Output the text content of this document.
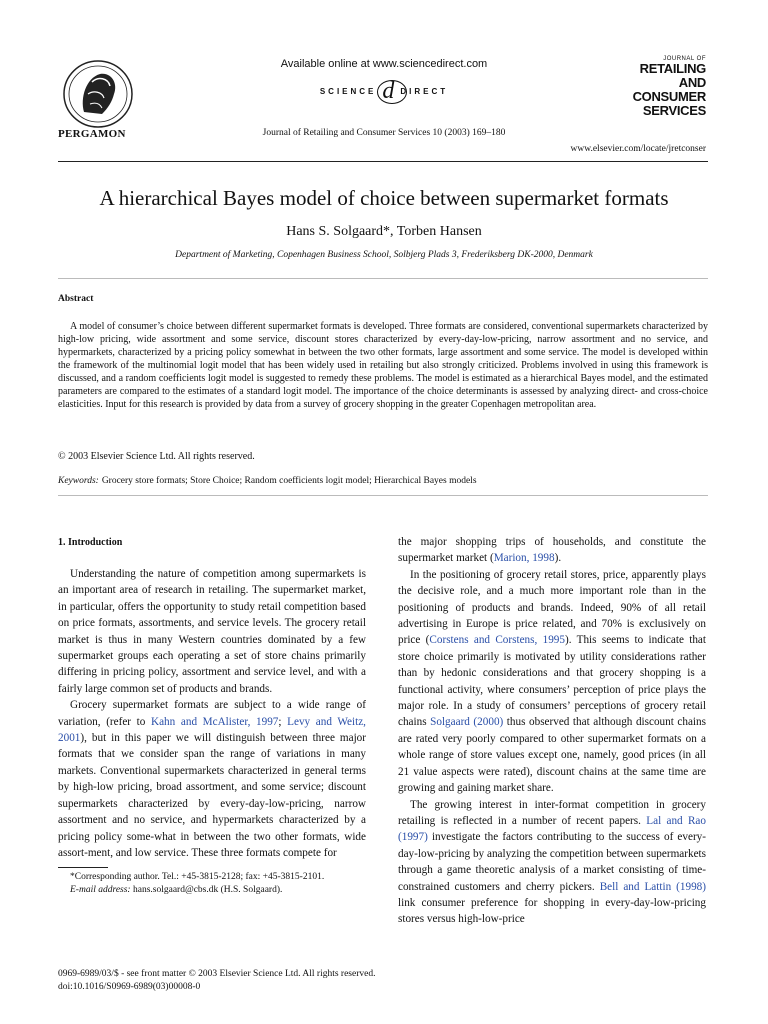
PERGAMON
Available online at www.sciencedirect.com
SCIENCE d DIRECT
Journal of Retailing and Consumer Services 10 (2003) 169–180
JOURNAL OF
RETAILING
AND
CONSUMER
SERVICES
www.elsevier.com/locate/jretconser
A hierarchical Bayes model of choice between supermarket formats
Hans S. Solgaard*, Torben Hansen
Department of Marketing, Copenhagen Business School, Solbjerg Plads 3, Frederiksberg DK-2000, Denmark
Abstract

A model of consumer’s choice between different supermarket formats is developed. Three formats are considered, conventional supermarkets characterized by high-low pricing, wide assortment and some service, discount stores characterized by every-day-low-pricing, narrow assortment and no service, and hypermarkets, characterized by a pricing policy somewhat in between the two other formats, large assortment and some service. The model is developed within the framework of the multinomial logit model that has been widely used in retailing but also strongly criticized. Problems involved in using this framework is discussed, and a random coefficients logit model is suggested to remedy these problems. The model is estimated as a hierarchical Bayes model, and the estimated parameters are compared to the estimates of a standard logit model. The importance of the choice determinants is assessed by analyzing direct- and cross-choice elasticities. Input for this research is provided by data from a survey of grocery shopping in the greater Copenhagen metropolitan area.

© 2003 Elsevier Science Ltd. All rights reserved.
Keywords: Grocery store formats; Store Choice; Random coefficients logit model; Hierarchical Bayes models
1. Introduction

Understanding the nature of competition among supermarkets is an important area of research in retailing. The supermarket market, in particular, offers the opportunity to study retail competition based on price formats, assortments, and service levels. The grocery retail market is thus in many Western countries dominated by a few supermarket groups each operating a set of store chains primarily differing in pricing policy, assortment and service level, and with a fairly large common set of products and brands.

Grocery supermarket formats are subject to a wide range of variation, (refer to Kahn and McAlister, 1997; Levy and Weitz, 2001), but in this paper we will distinguish between three major formats that we consider span the range of variations in many markets. Conventional supermarkets characterized in general terms by high-low pricing, broad assortment, and some service; discount supermarkets characterized by every-day-low-pricing, narrow assortment and no service, and hypermarkets characterized by a pricing policy some-what in between the two other formats, wide assort-ment, and low service. These three formats compete for

the major shopping trips of households, and constitute the supermarket market (Marion, 1998).

In the positioning of grocery retail stores, price, apparently plays the decisive role, and a much more important role than in the positioning of products and brands. Indeed, 90% of all retail advertising in Europe is price related, and 70% is exclusively on price (Corstens and Corstens, 1995). This seems to indicate that store choice primarily is motivated by utility considerations rather than by hedonic considerations and that grocery shopping is a functional activity, where consumers’ perception of price plays the major role. In a study of consumers’ perceptions of grocery retail chains Solgaard (2000) thus observed that although discount chains are rated very poorly compared to other supermarket formats on a whole range of store values except one, namely, good prices (in all 21 value aspects were rated), discount chains at the same time are growing and gaining market share.

The growing interest in inter-format competition in grocery retailing is reflected in a number of recent papers. Lal and Rao (1997) investigate the factors contributing to the success of every-day-low-pricing by analyzing the competition between supermarkets through a game theoretic analysis of a market consisting of time-constrained customers and cherry pickers. Bell and Lattin (1998) link consumer preference for shopping in every-day-low-pricing stores versus high-low-price

*Corresponding author. Tel.: +45-3815-2128; fax: +45-3815-2101.
E-mail address: hans.solgaard@cbs.dk (H.S. Solgaard).
0969-6989/03/$ - see front matter © 2003 Elsevier Science Ltd. All rights reserved.
doi:10.1016/S0969-6989(03)00008-0
